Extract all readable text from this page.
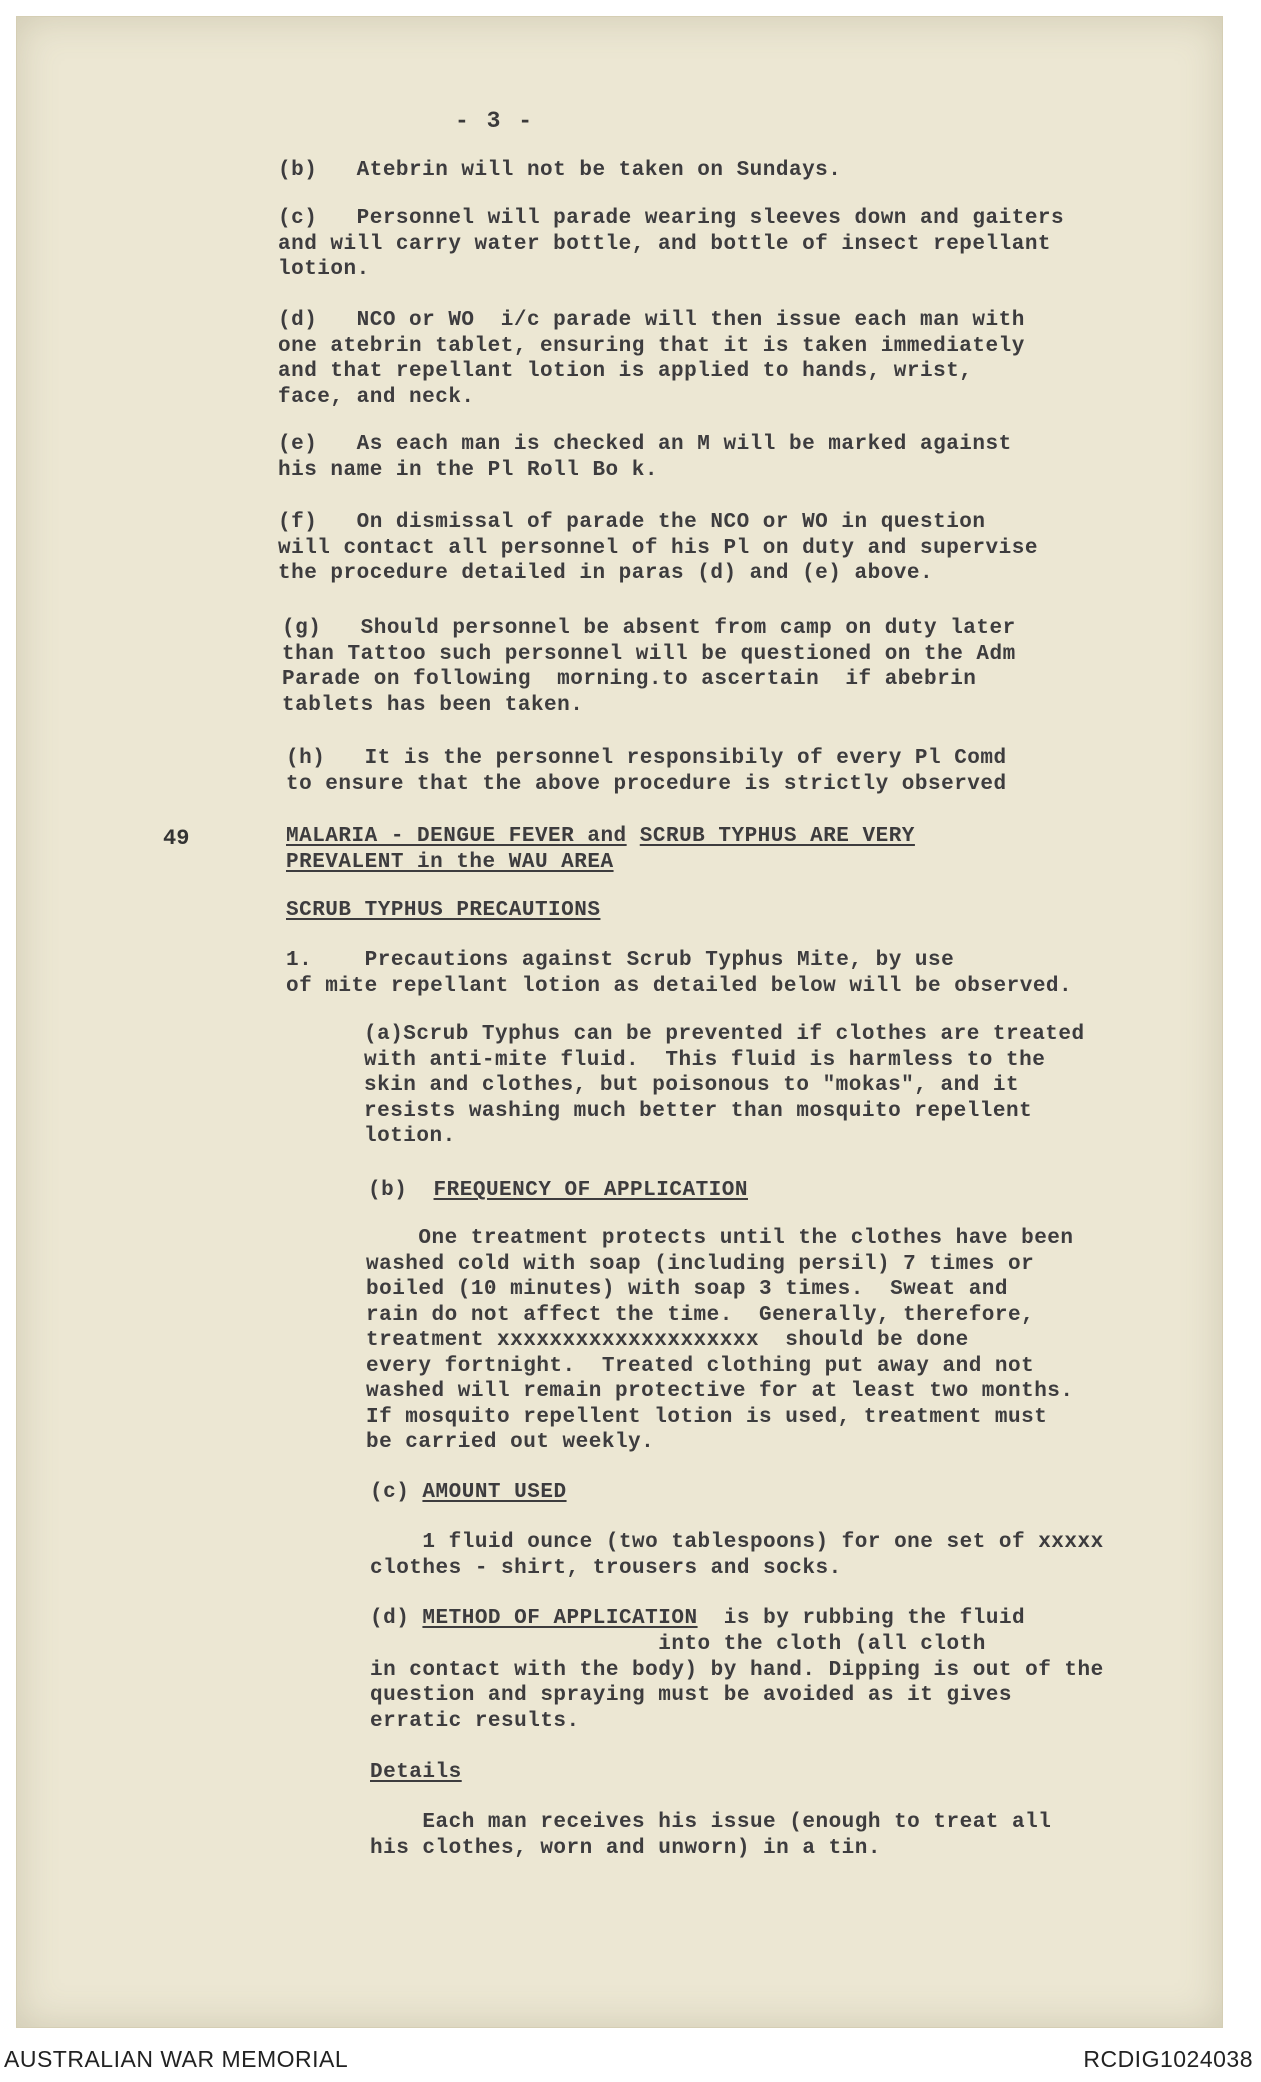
- 3 -

(b)   Atebrin will not be taken on Sundays.

(c)   Personnel will parade wearing sleeves down and gaiters
and will carry water bottle, and bottle of insect repellant
lotion.

(d)   NCO or WO  i/c parade will then issue each man with
one atebrin tablet, ensuring that it is taken immediately
and that repellant lotion is applied to hands, wrist,
face, and neck.

(e)   As each man is checked an M will be marked against
his name in the Pl Roll Bo k.

(f)   On dismissal of parade the NCO or WO in question
will contact all personnel of his Pl on duty and supervise
the procedure detailed in paras (d) and (e) above.

(g)   Should personnel be absent from camp on duty later
than Tattoo such personnel will be questioned on the Adm
Parade on following  morning.to ascertain  if abebrin
tablets has been taken.

(h)   It is the personnel responsibily of every Pl Comd
to ensure that the above procedure is strictly observed

49	MALARIA - DENGUE FEVER and SCRUB TYPHUS ARE VERY
PREVALENT in the WAU AREA

SCRUB TYPHUS PRECAUTIONS

1.    Precautions against Scrub Typhus Mite, by use
of mite repellant lotion as detailed below will be observed.

(a)Scrub Typhus can be prevented if clothes are treated
with anti-mite fluid.  This fluid is harmless to the
skin and clothes, but poisonous to "mokas", and it
resists washing much better than mosquito repellent
lotion.

(b) FREQUENCY OF APPLICATION

One treatment protects until the clothes have been
washed cold with soap (including persil) 7 times or
boiled (10 minutes) with soap 3 times.  Sweat and
rain do not affect the time.  Generally, therefore,
treatment xxxxxxxxxxxxxxxxxxxx  should be done
every fortnight.  Treated clothing put away and not
washed will remain protective for at least two months.
If mosquito repellent lotion is used, treatment must
be carried out weekly.

(c) AMOUNT USED

1 fluid ounce (two tablespoons) for one set of xxxxx
clothes - shirt, trousers and socks.

(d) METHOD OF APPLICATION is by rubbing the fluid

into the cloth (all cloth
in contact with the body) by hand. Dipping is out of the
question and spraying must be avoided as it gives
erratic results.

Details

Each man receives his issue (enough to treat all
his clothes, worn and unworn) in a tin.

AUSTRALIAN WAR MEMORIAL	RCDIG1024038
